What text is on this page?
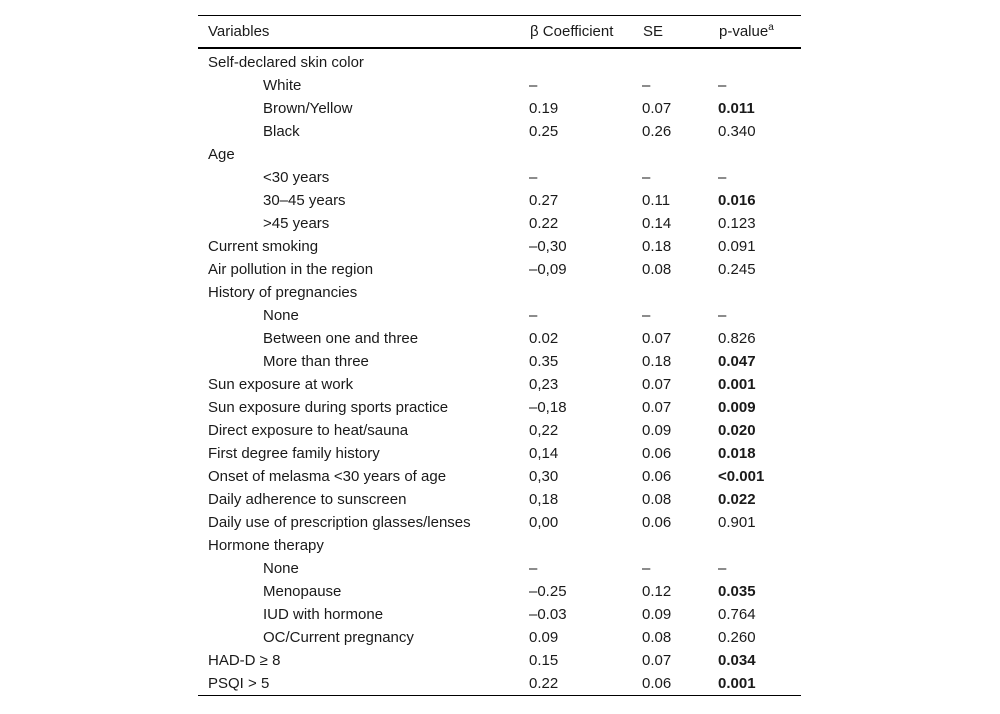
Variables	β Coefficient	SE	p-value$^a$
Self-declared skin color			
White	–	–	–
Brown/Yellow	0.19	0.07	0.011
Black	0.25	0.26	0.340
Age			
<30 years	–	–	–
30–45 years	0.27	0.11	0.016
>45 years	0.22	0.14	0.123
Current smoking	–0,30	0.18	0.091
Air pollution in the region	–0,09	0.08	0.245
History of pregnancies			
None	–	–	–
Between one and three	0.02	0.07	0.826
More than three	0.35	0.18	0.047
Sun exposure at work	0,23	0.07	0.001
Sun exposure during sports practice	–0,18	0.07	0.009
Direct exposure to heat/sauna	0,22	0.09	0.020
First degree family history	0,14	0.06	0.018
Onset of melasma <30 years of age	0,30	0.06	<0.001
Daily adherence to sunscreen	0,18	0.08	0.022
Daily use of prescription glasses/lenses	0,00	0.06	0.901
Hormone therapy			
None	–	–	–
Menopause	–0.25	0.12	0.035
IUD with hormone	–0.03	0.09	0.764
OC/Current pregnancy	0.09	0.08	0.260
HAD-D ≥ 8	0.15	0.07	0.034
PSQI > 5	0.22	0.06	0.001
